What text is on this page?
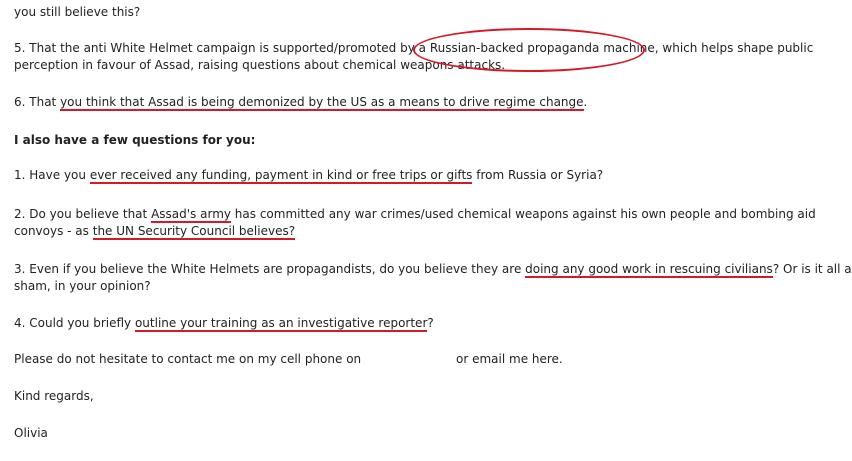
you still believe this?
5. That the anti White Helmet campaign is supported/promoted by a Russian-backed propaganda machine, which helps shape public
perception in favour of Assad, raising questions about chemical weapons attacks.
6. That you think that Assad is being demonized by the US as a means to drive regime change.
I also have a few questions for you:
1. Have you ever received any funding, payment in kind or free trips or gifts from Russia or Syria?
2. Do you believe that Assad's army has committed any war crimes/used chemical weapons against his own people and bombing aid
convoys - as the UN Security Council believes?
3. Even if you believe the White Helmets are propagandists, do you believe they are doing any good work in rescuing civilians? Or is it all a
sham, in your opinion?
4. Could you briefly outline your training as an investigative reporter?
Please do not hesitate to contact me on my cell phone on	or email me here.
Kind regards,
Olivia
